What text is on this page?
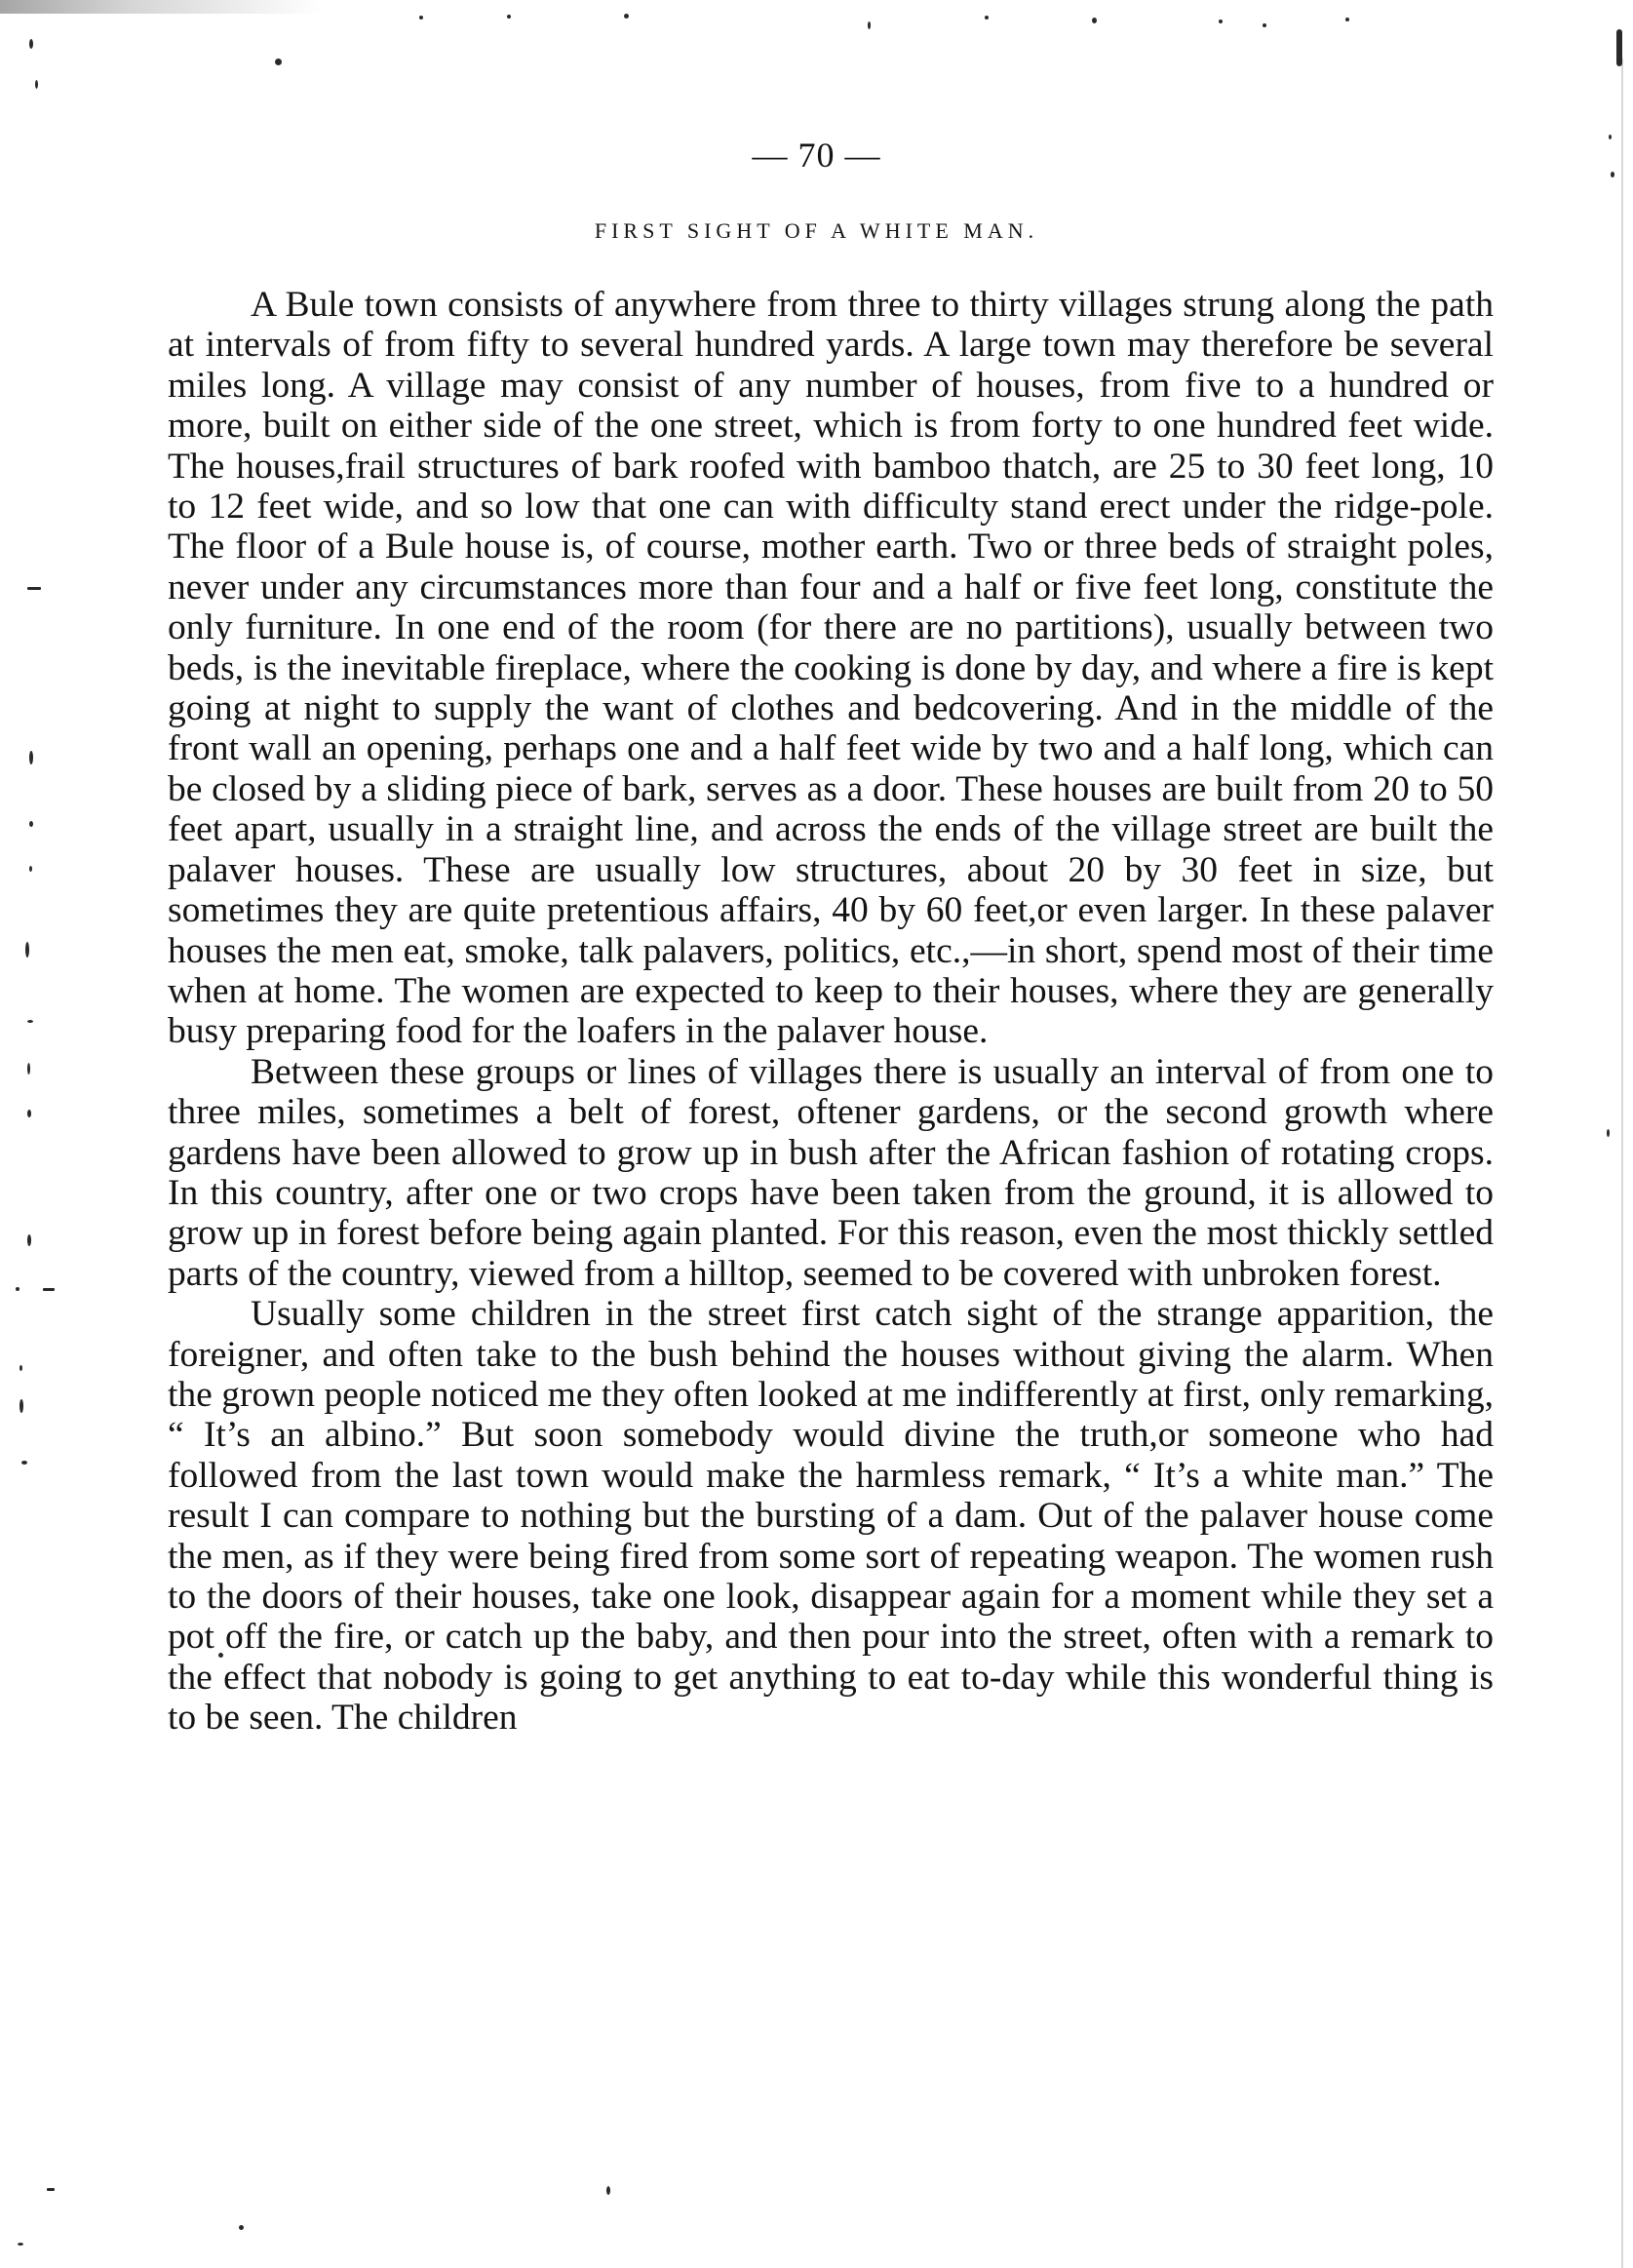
— 70 —
FIRST SIGHT OF A WHITE MAN.

A Bule town consists of anywhere from three to thirty villages strung along the path at intervals of from fifty to several hundred yards. A large town may therefore be several miles long. A village may consist of any number of houses, from five to a hundred or more, built on either side of the one street, which is from forty to one hundred feet wide. The houses,frail structures of bark roofed with bamboo thatch, are 25 to 30 feet long, 10 to 12 feet wide, and so low that one can with difficulty stand erect under the ridge-pole. The floor of a Bule house is, of course, mother earth. Two or three beds of straight poles, never under any circumstances more than four and a half or five feet long, constitute the only furniture. In one end of the room (for there are no partitions), usually between two beds, is the inevitable fireplace, where the cooking is done by day, and where a fire is kept going at night to supply the want of clothes and bedcovering. And in the middle of the front wall an opening, perhaps one and a half feet wide by two and a half long, which can be closed by a sliding piece of bark, serves as a door. These houses are built from 20 to 50 feet apart, usually in a straight line, and across the ends of the village street are built the palaver houses. These are usually low structures, about 20 by 30 feet in size, but sometimes they are quite pretentious affairs, 40 by 60 feet,or even larger. In these palaver houses the men eat, smoke, talk palavers, politics, etc.,—in short, spend most of their time when at home. The women are expected to keep to their houses, where they are generally busy preparing food for the loafers in the palaver house.

Between these groups or lines of villages there is usually an interval of from one to three miles, sometimes a belt of forest, oftener gardens, or the second growth where gardens have been allowed to grow up in bush after the African fashion of rotating crops. In this country, after one or two crops have been taken from the ground, it is allowed to grow up in forest before being again planted. For this reason, even the most thickly settled parts of the country, viewed from a hilltop, seemed to be covered with unbroken forest.

Usually some children in the street first catch sight of the strange apparition, the foreigner, and often take to the bush behind the houses without giving the alarm. When the grown people noticed me they often looked at me indifferently at first, only remarking, “ It’s an albino.” But soon somebody would divine the truth,or someone who had followed from the last town would make the harmless remark, “ It’s a white man.” The result I can compare to nothing but the bursting of a dam. Out of the palaver house come the men, as if they were being fired from some sort of repeating weapon. The women rush to the doors of their houses, take one look, disappear again for a moment while they set a pot off the fire, or catch up the baby, and then pour into the street, often with a remark to the effect that nobody is going to get anything to eat to-day while this wonderful thing is to be seen. The children
